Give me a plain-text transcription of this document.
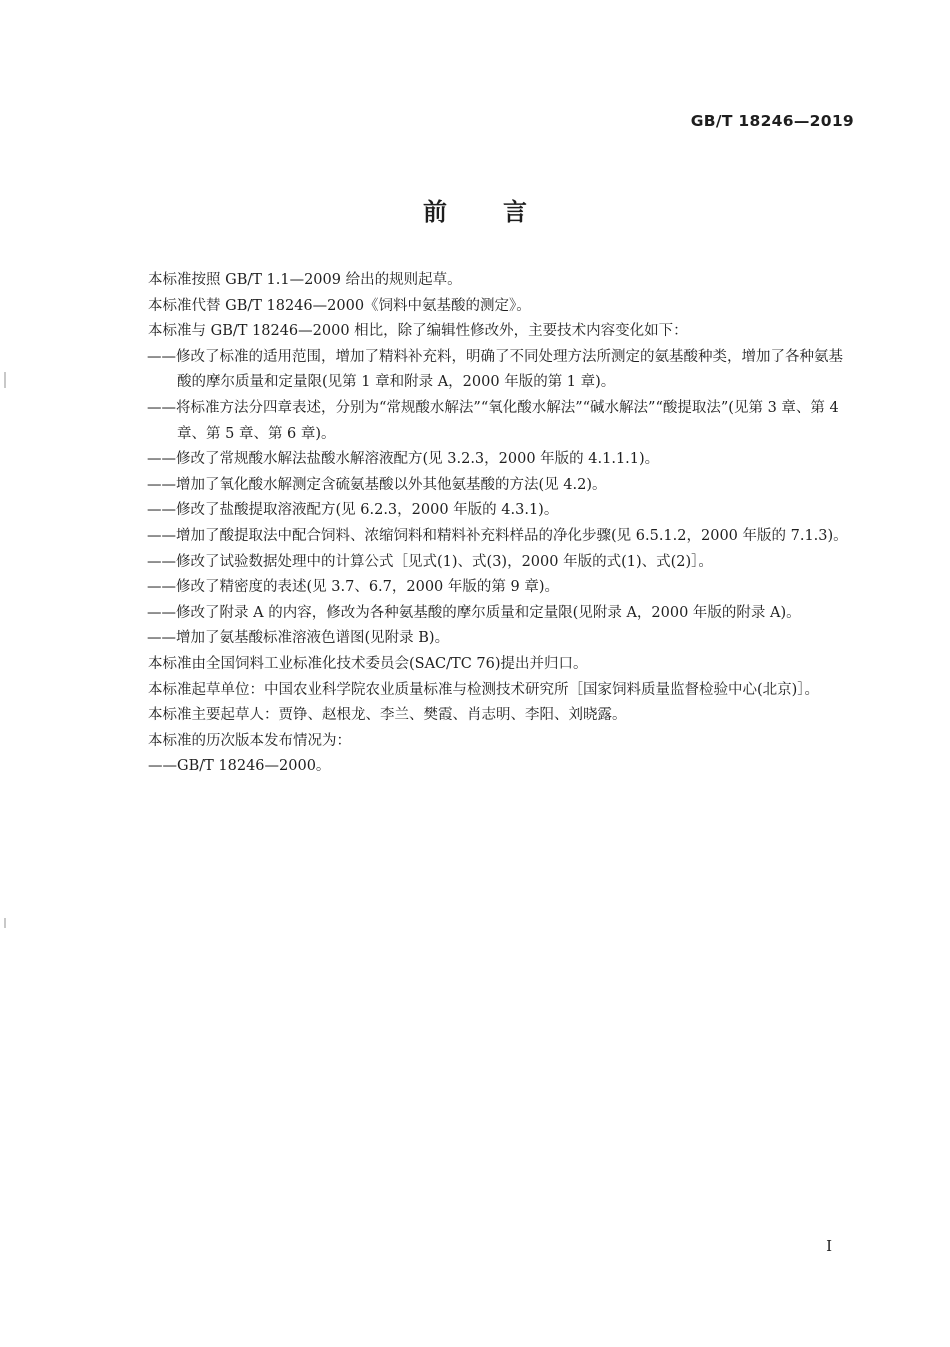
GB/T 18246—2019
前言

本标准按照 GB/T 1.1—2009 给出的规则起草。

本标准代替 GB/T 18246—2000《饲料中氨基酸的测定》。

本标准与 GB/T 18246—2000 相比，除了编辑性修改外，主要技术内容变化如下：

——修改了标准的适用范围，增加了精料补充料，明确了不同处理方法所测定的氨基酸种类，增加了各种氨基酸的摩尔质量和定量限(见第 1 章和附录 A，2000 年版的第 1 章)。

——将标准方法分四章表述，分别为“常规酸水解法”“氧化酸水解法”“碱水解法”“酸提取法”(见第 3 章、第 4 章、第 5 章、第 6 章)。

——修改了常规酸水解法盐酸水解溶液配方(见 3.2.3，2000 年版的 4.1.1.1)。

——增加了氧化酸水解测定含硫氨基酸以外其他氨基酸的方法(见 4.2)。

——修改了盐酸提取溶液配方(见 6.2.3，2000 年版的 4.3.1)。

——增加了酸提取法中配合饲料、浓缩饲料和精料补充料样品的净化步骤(见 6.5.1.2，2000 年版的 7.1.3)。

——修改了试验数据处理中的计算公式［见式(1)、式(3)，2000 年版的式(1)、式(2)］。

——修改了精密度的表述(见 3.7、6.7，2000 年版的第 9 章)。

——修改了附录 A 的内容，修改为各种氨基酸的摩尔质量和定量限(见附录 A，2000 年版的附录 A)。

——增加了氨基酸标准溶液色谱图(见附录 B)。

本标准由全国饲料工业标准化技术委员会(SAC/TC 76)提出并归口。

本标准起草单位：中国农业科学院农业质量标准与检测技术研究所［国家饲料质量监督检验中心(北京)］。

本标准主要起草人：贾铮、赵根龙、李兰、樊霞、肖志明、李阳、刘晓露。

本标准的历次版本发布情况为：

——GB/T 18246—2000。

I
